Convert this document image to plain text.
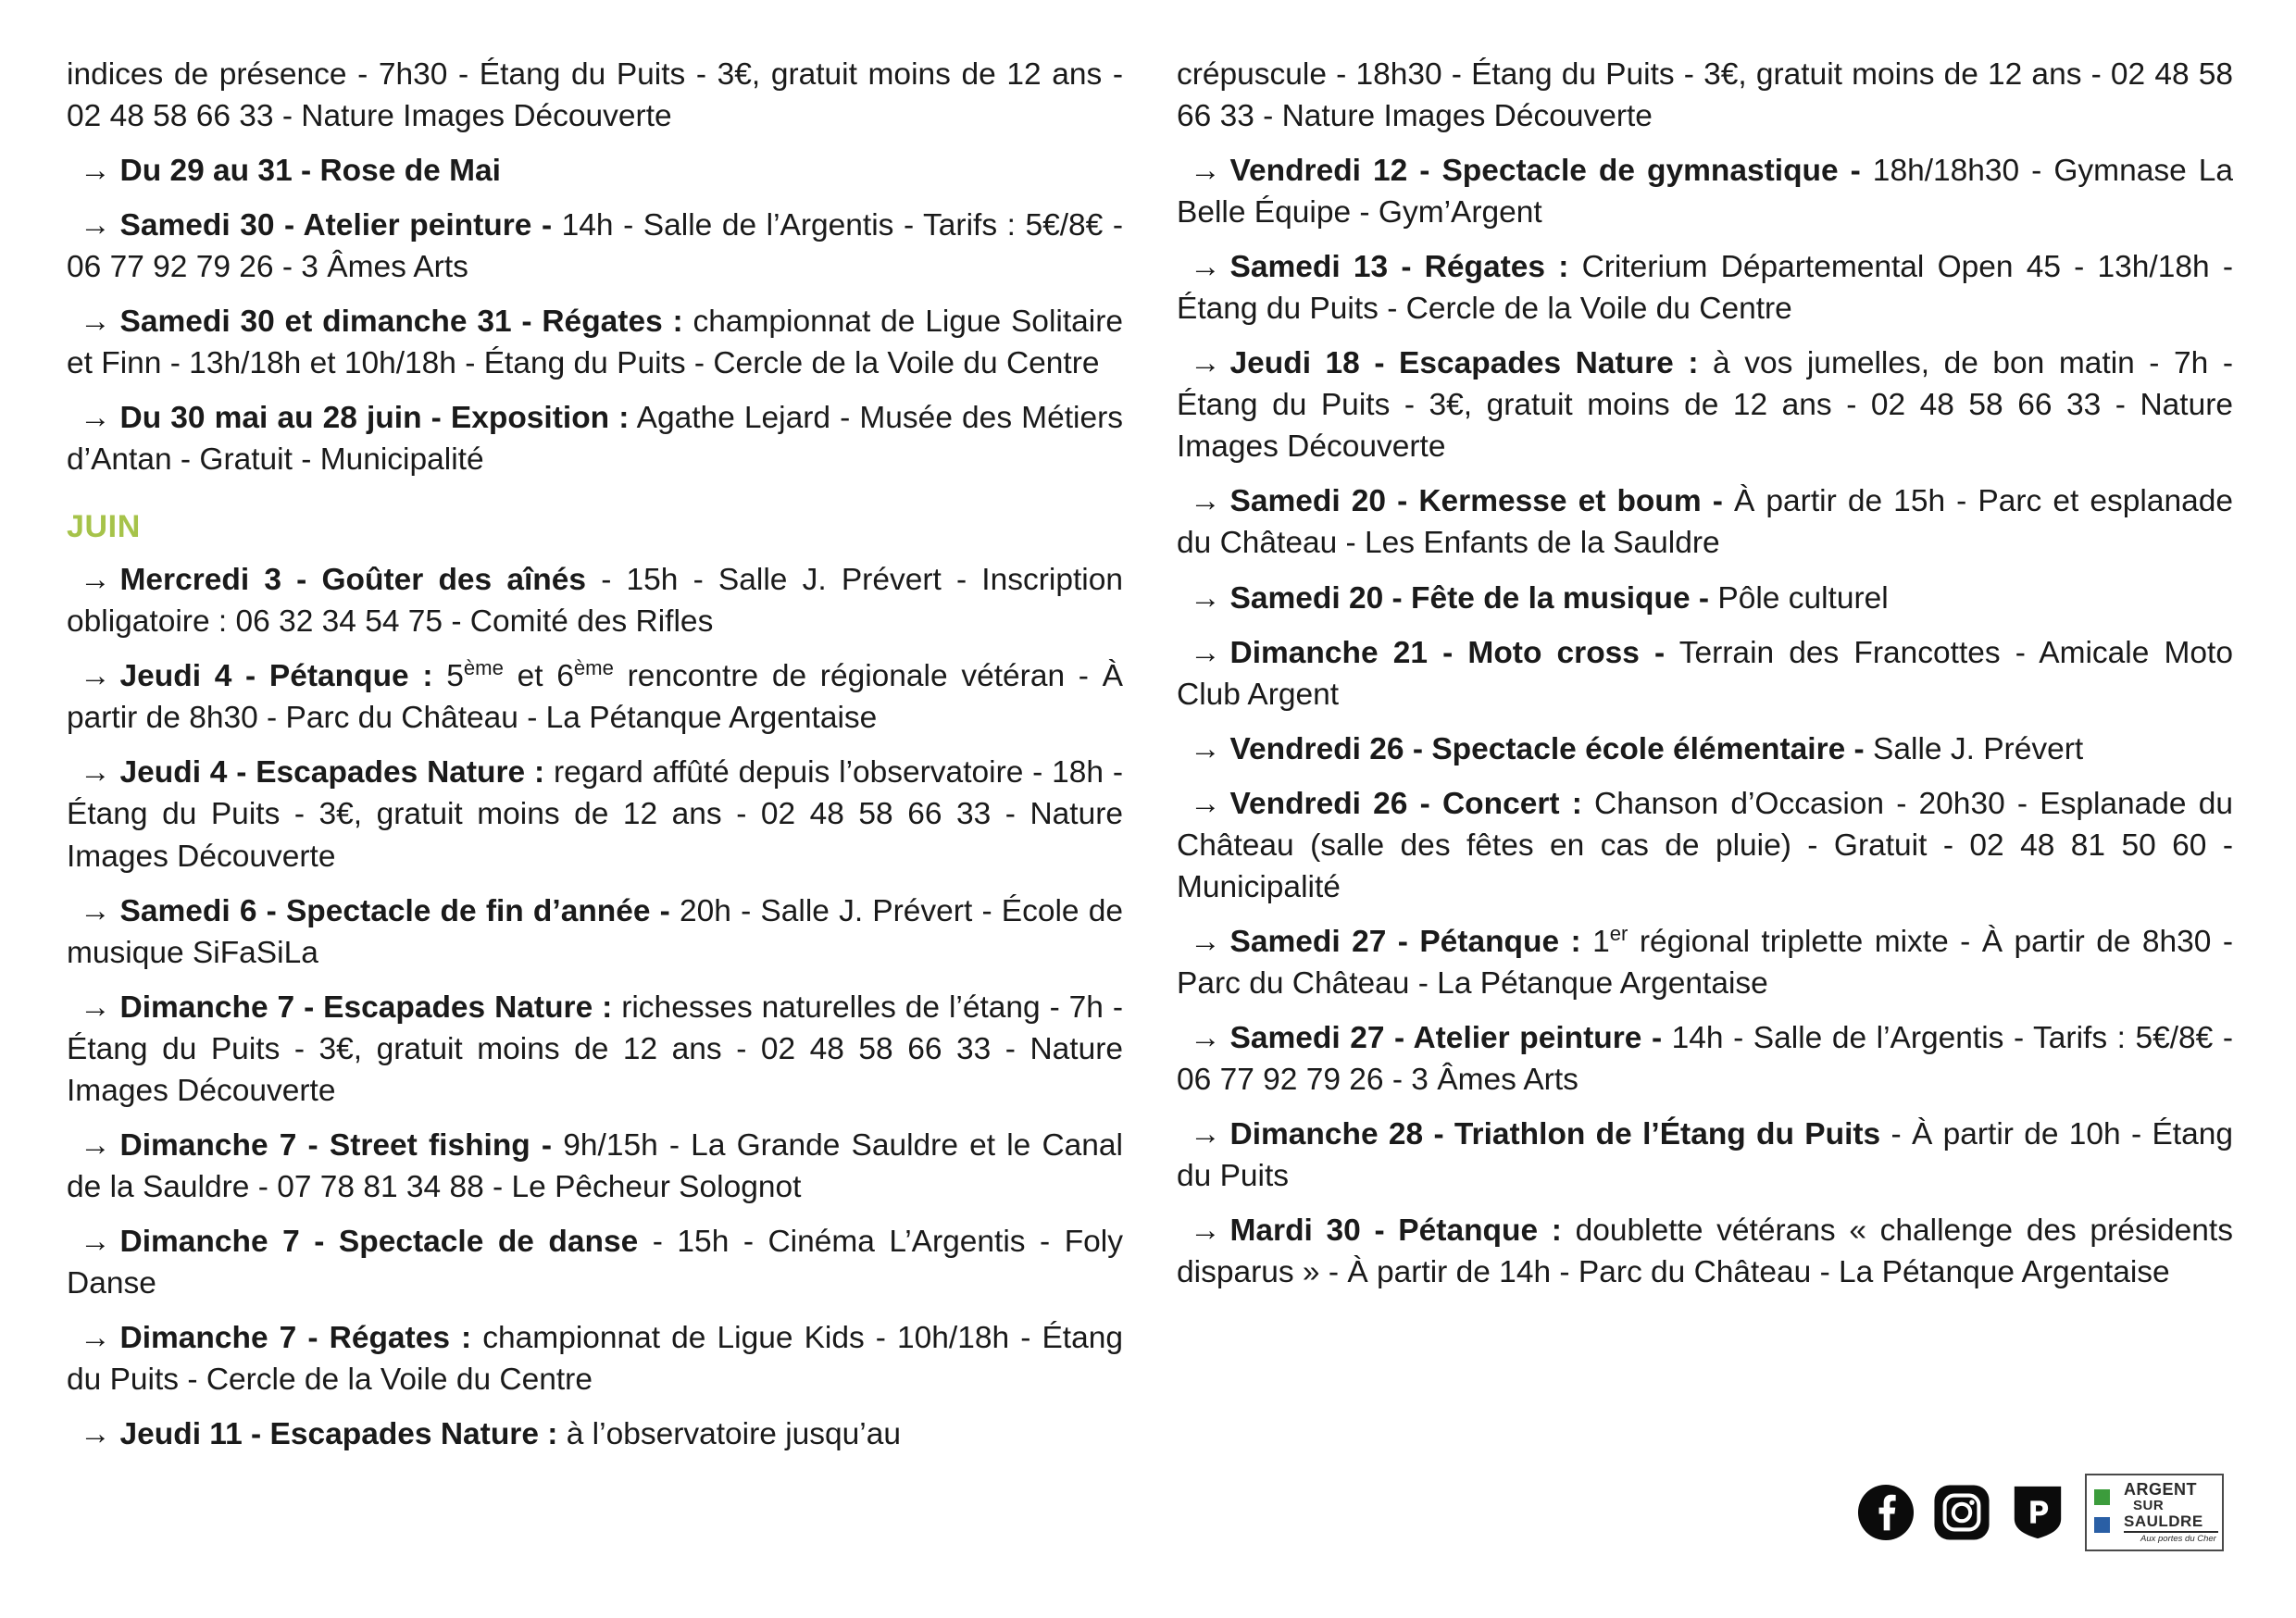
indices de présence - 7h30 - Étang du Puits - 3€, gratuit moins de 12 ans - 02 48 58 66 33 - Nature Images Découverte

→ Du 29 au 31 - Rose de Mai

→ Samedi 30 - Atelier peinture - 14h - Salle de l’Argentis - Tarifs : 5€/8€ - 06 77 92 79 26 - 3 Âmes Arts

→ Samedi 30 et dimanche 31 - Régates : championnat de Ligue Solitaire et Finn - 13h/18h et 10h/18h - Étang du Puits - Cercle de la Voile du Centre

→ Du 30 mai au 28 juin - Exposition : Agathe Lejard - Musée des Métiers d’Antan - Gratuit - Municipalité

JUIN

→ Mercredi 3 - Goûter des aînés - 15h - Salle J. Prévert - Inscription obligatoire : 06 32 34 54 75 - Comité des Rifles

→ Jeudi 4 - Pétanque : 5ème et 6ème rencontre de régionale vétéran - À partir de 8h30 - Parc du Château - La Pétanque Argentaise

→ Jeudi 4 - Escapades Nature : regard affûté depuis l’observatoire - 18h - Étang du Puits - 3€, gratuit moins de 12 ans - 02 48 58 66 33 - Nature Images Découverte

→ Samedi 6 - Spectacle de fin d’année - 20h - Salle J. Prévert - École de musique SiFaSiLa

→ Dimanche 7 - Escapades Nature : richesses naturelles de l’étang - 7h - Étang du Puits - 3€, gratuit moins de 12 ans - 02 48 58 66 33 - Nature Images Découverte

→ Dimanche 7 - Street fishing - 9h/15h - La Grande Sauldre et le Canal de la Sauldre - 07 78 81 34 88 - Le Pêcheur Solognot

→ Dimanche 7 - Spectacle de danse - 15h - Cinéma L’Argentis - Foly Danse

→ Dimanche 7 - Régates : championnat de Ligue Kids - 10h/18h - Étang du Puits - Cercle de la Voile du Centre

→ Jeudi 11 - Escapades Nature : à l’observatoire jusqu’au

crépuscule - 18h30 - Étang du Puits - 3€, gratuit moins de 12 ans - 02 48 58 66 33 - Nature Images Découverte

→ Vendredi 12 - Spectacle de gymnastique - 18h/18h30 - Gymnase La Belle Équipe - Gym’Argent

→ Samedi 13 - Régates : Criterium Départemental Open 45 - 13h/18h - Étang du Puits - Cercle de la Voile du Centre

→ Jeudi 18 - Escapades Nature : à vos jumelles, de bon matin - 7h - Étang du Puits - 3€, gratuit moins de 12 ans - 02 48 58 66 33 - Nature Images Découverte

→ Samedi 20 - Kermesse et boum - À partir de 15h - Parc et esplanade du Château - Les Enfants de la Sauldre

→ Samedi 20 - Fête de la musique - Pôle culturel

→ Dimanche 21 - Moto cross - Terrain des Francottes - Amicale Moto Club Argent

→ Vendredi 26 - Spectacle école élémentaire - Salle J. Prévert

→ Vendredi 26 - Concert : Chanson d’Occasion - 20h30 - Esplanade du Château (salle des fêtes en cas de pluie) - Gratuit - 02 48 81 50 60 - Municipalité

→ Samedi 27 - Pétanque : 1er régional triplette mixte - À partir de 8h30 - Parc du Château - La Pétanque Argentaise

→ Samedi 27 - Atelier peinture - 14h - Salle de l’Argentis - Tarifs : 5€/8€ - 06 77 92 79 26 - 3 Âmes Arts

→ Dimanche 28 - Triathlon de l’Étang du Puits - À partir de 10h - Étang du Puits

→ Mardi 30 - Pétanque : doublette vétérans « challenge des présidents disparus » - À partir de 14h - Parc du Château - La Pétanque Argentaise

ARGENT
SUR
SAULDRE
Aux portes du Cher
